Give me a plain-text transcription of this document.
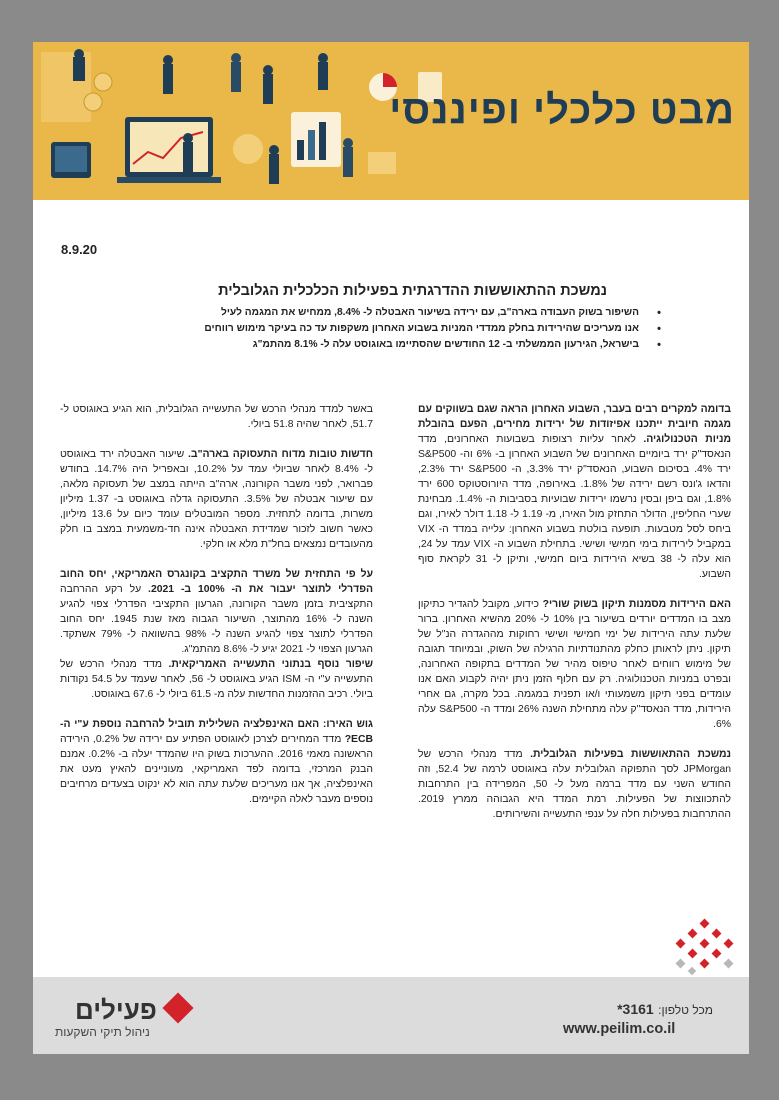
מבט כלכלי ופיננסי
8.9.20
נמשכת ההתאוששות ההדרגתית בפעילות הכלכלית הגלובלית
• השיפור בשוק העבודה בארה"ב, עם ירידה בשיעור האבטלה ל- 8.4%, ממחיש את המגמה לעיל
• אנו מעריכים שהירידות בחלק ממדדי המניות בשבוע האחרון משקפות עד כה בעיקר מימוש רווחים
• בישראל, הגירעון הממשלתי ב- 12 החודשים שהסתיימו באוגוסט עלה ל- 8.1% מהתמ"ג

בדומה למקרים רבים בעבר, השבוע האחרון הראה שגם בשווקים עם מגמה חיובית ייתכנו אפיזודות של ירידות מחירים, הפעם בהובלת מניות הטכנולוגיה. לאחר עליות רצופות בשבועות האחרונים, מדד הנאסד"ק ירד ביומיים האחרונים של השבוע האחרון ב- 6% וה- S&P500 ירד 4%. בסיכום השבוע, הנאסד"ק ירד 3.3%, ה- S&P500 ירד 2.3%, והדאו ג'ונס רשם ירידה של 1.8%. באירופה, מדד היורוסטוקס 600 ירד 1.8%, וגם ביפן ובסין נרשמו ירידות שבועיות בסביבות ה- 1.4%. מבחינת שערי החליפין, הדולר התחזק מול האירו, מ- 1.19 ל- 1.18 דולר לאירו, וגם ביחס לסל מטבעות. תופעה בולטת בשבוע האחרון: עלייה במדד ה- VIX במקביל לירידות בימי חמישי ושישי. בתחילת השבוע ה- VIX עמד על 24, הוא עלה ל- 38 בשיא הירידות ביום חמישי, ותיקן ל- 31 לקראת סוף השבוע.

האם הירידות מסמנות תיקון בשוק שורי? כידוע, מקובל להגדיר כתיקון מצב בו המדדים יורדים בשיעור בין 10% ל- 20% מהשיא האחרון. ברור שלעת עתה הירידות של ימי חמישי ושישי רחוקות מההגדרה הנ"ל של תיקון. ניתן לראותן כחלק מהתנודתיות הרגילה של השוק, ובמיוחד תגובה של מימוש רווחים לאחר טיפוס מהיר של המדדים בתקופה האחרונה, ובפרט במניות הטכנולוגיה. רק עם חלוף הזמן ניתן יהיה לקבוע האם אנו עומדים בפני תיקון משמעותי ו/או תפנית במגמה. בכל מקרה, גם אחרי הירידות, מדד הנאסד"ק עלה מתחילת השנה 26% ומדד ה- S&P500 עלה 6%.

נמשכת ההתאוששות בפעילות הגלובלית. מדד מנהלי הרכש של JPMorgan לסך התפוקה הגלובלית עלה באוגוסט לרמה של 52.4, וזה החודש השני עם מדד ברמה מעל ל- 50, המפרידה בין התרחבות להתכווצות של הפעילות. רמת המדד היא הגבוהה ממרץ 2019. ההתרחבות בפעילות חלה על ענפי התעשייה והשירותים.

באשר למדד מנהלי הרכש של התעשייה הגלובלית, הוא הגיע באוגוסט ל- 51.7, לאחר שהיה 51.8 ביולי.

חדשות טובות מדוח התעסוקה בארה"ב. שיעור האבטלה ירד באוגוסט ל- 8.4% לאחר שביולי עמד על 10.2%, ובאפריל היה 14.7%. בחודש פברואר, לפני משבר הקורונה, ארה"ב הייתה במצב של תעסוקה מלאה, עם שיעור אבטלה של 3.5%. התעסוקה גדלה באוגוסט ב- 1.37 מיליון משרות, בדומה לתחזית. מספר המובטלים עומד כיום על 13.6 מיליון, כאשר חשוב לזכור שמדידת האבטלה אינה חד-משמעית במצב בו חלק מהעובדים נמצאים בחל"ת מלא או חלקי.

על פי התחזית של משרד התקציב בקונגרס האמריקאי, יחס החוב הפדרלי לתוצר יעבור את ה- 100% ב- 2021. על רקע ההרחבה התקציבית בזמן משבר הקורונה, הגרעון התקציבי הפדרלי צפוי להגיע השנה ל- 16% מהתוצר, השיעור הגבוה מאז שנת 1945. יחס החוב הפדרלי לתוצר צפוי להגיע השנה ל- 98% בהשוואה ל- 79% אשתקד. הגרעון הצפוי ל- 2021 יגיע ל- 8.6% מהתמ"ג.

שיפור נוסף בנתוני התעשייה האמריקאית. מדד מנהלי הרכש של התעשייה ע"י ה- ISM הגיע באוגוסט ל- 56, לאחר שעמד על 54.5 נקודות ביולי. רכיב ההזמנות החדשות עלה מ- 61.5 ביולי ל- 67.6 באוגוסט.

גוש האירו: האם האינפלציה השלילית תוביל להרחבה נוספת ע"י ה- ECB? מדד המחירים לצרכן לאוגוסט הפתיע עם ירידה של 0.2%, הירידה הראשונה מאמי 2016. ההערכות בשוק היו שהמדד יעלה ב- 0.2%. אמנם הבנק המרכזי, בדומה לפד האמריקאי, מעוניינים להאיץ מעט את האינפלציה, אך אנו מעריכים שלעת עתה הוא לא ינקוט בצעדים מרחיבים נוספים מעבר לאלה הקיימים.

פעילים
ניהול תיקי השקעות
מכל טלפון: *3161
www.peilim.co.il
